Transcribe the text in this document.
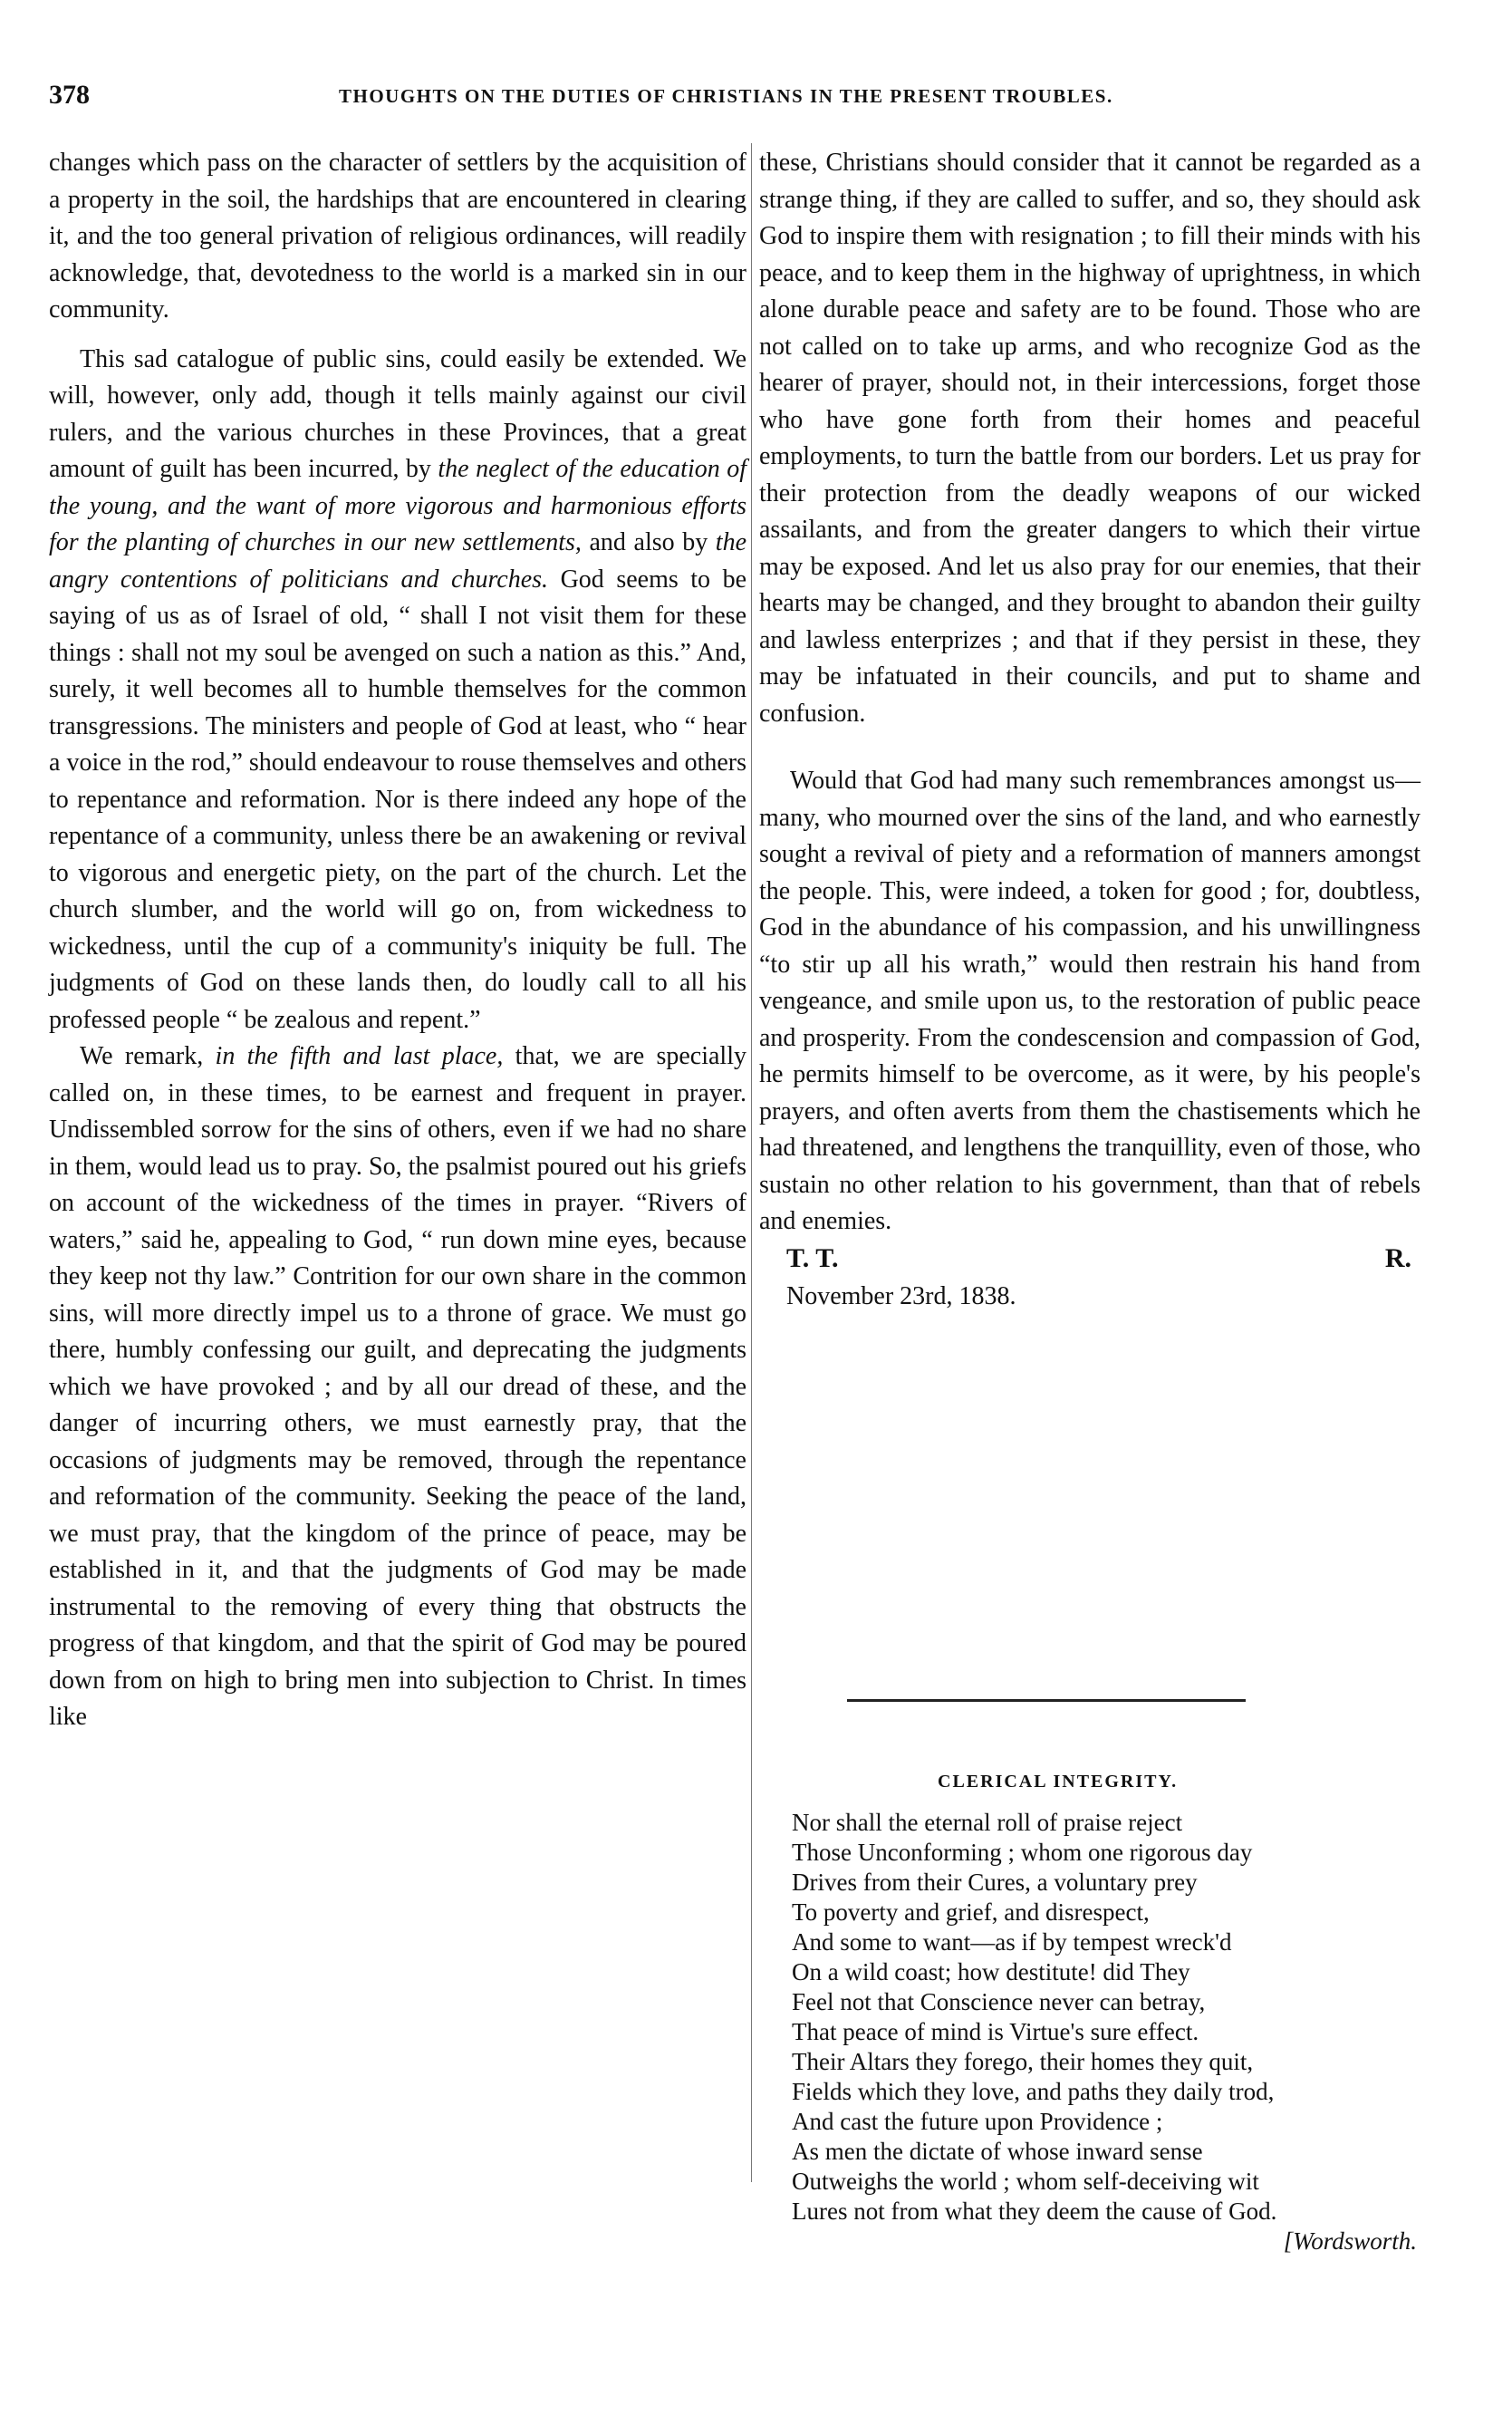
378	THOUGHTS ON THE DUTIES OF CHRISTIANS IN THE PRESENT TROUBLES.

changes which pass on the character of settlers by the acquisition of a property in the soil, the hardships that are encountered in clearing it, and the too general privation of religious ordinances, will readily acknowledge, that, devotedness to the world is a marked sin in our community.

This sad catalogue of public sins, could easily be extended. We will, however, only add, though it tells mainly against our civil rulers, and the various churches in these Provinces, that a great amount of guilt has been incurred, by the neglect of the education of the young, and the want of more vigorous and harmonious efforts for the planting of churches in our new settlements, and also by the angry contentions of politicians and churches. God seems to be saying of us as of Israel of old, “ shall I not visit them for these things : shall not my soul be avenged on such a nation as this.” And, surely, it well becomes all to humble themselves for the common transgressions. The ministers and people of God at least, who “ hear a voice in the rod,” should endeavour to rouse themselves and others to repentance and reformation. Nor is there indeed any hope of the repentance of a community, unless there be an awakening or revival to vigorous and energetic piety, on the part of the church. Let the church slumber, and the world will go on, from wickedness to wickedness, until the cup of a community's iniquity be full. The judgments of God on these lands then, do loudly call to all his professed people “ be zealous and repent.”

We remark, in the fifth and last place, that, we are specially called on, in these times, to be earnest and frequent in prayer. Undissembled sorrow for the sins of others, even if we had no share in them, would lead us to pray. So, the psalmist poured out his griefs on account of the wickedness of the times in prayer. “Rivers of waters,” said he, appealing to God, “ run down mine eyes, because they keep not thy law.” Contrition for our own share in the common sins, will more directly impel us to a throne of grace. We must go there, humbly confessing our guilt, and deprecating the judgments which we have provoked ; and by all our dread of these, and the danger of incurring others, we must earnestly pray, that the occasions of judgments may be removed, through the repentance and reformation of the community. Seeking the peace of the land, we must pray, that the kingdom of the prince of peace, may be established in it, and that the judgments of God may be made instrumental to the removing of every thing that obstructs the progress of that kingdom, and that the spirit of God may be poured down from on high to bring men into subjection to Christ. In times like

these, Christians should consider that it cannot be regarded as a strange thing, if they are called to suffer, and so, they should ask God to inspire them with resignation ; to fill their minds with his peace, and to keep them in the highway of uprightness, in which alone durable peace and safety are to be found. Those who are not called on to take up arms, and who recognize God as the hearer of prayer, should not, in their intercessions, forget those who have gone forth from their homes and peaceful employments, to turn the battle from our borders. Let us pray for their protection from the deadly weapons of our wicked assailants, and from the greater dangers to which their virtue may be exposed. And let us also pray for our enemies, that their hearts may be changed, and they brought to abandon their guilty and lawless enterprizes ; and that if they persist in these, they may be infatuated in their councils, and put to shame and confusion.

Would that God had many such remembrances amongst us—many, who mourned over the sins of the land, and who earnestly sought a revival of piety and a reformation of manners amongst the people. This, were indeed, a token for good ; for, doubtless, God in the abundance of his compassion, and his unwillingness “to stir up all his wrath,” would then restrain his hand from vengeance, and smile upon us, to the restoration of public peace and prosperity. From the condescension and compassion of God, he permits himself to be overcome, as it were, by his people's prayers, and often averts from them the chastisements which he had threatened, and lengthens the tranquillity, even of those, who sustain no other relation to his government, than that of rebels and enemies.

T. T.	R.
November 23rd, 1838.
CLERICAL INTEGRITY.
Nor shall the eternal roll of praise reject
Those Unconforming ; whom one rigorous day
Drives from their Cures, a voluntary prey
To poverty and grief, and disrespect,
And some to want—as if by tempest wreck'd
On a wild coast; how destitute! did They
Feel not that Conscience never can betray,
That peace of mind is Virtue's sure effect.
Their Altars they forego, their homes they quit,
Fields which they love, and paths they daily trod,
And cast the future upon Providence ;
As men the dictate of whose inward sense
Outweighs the world ; whom self-deceiving wit
Lures not from what they deem the cause of God.
[Wordsworth.
